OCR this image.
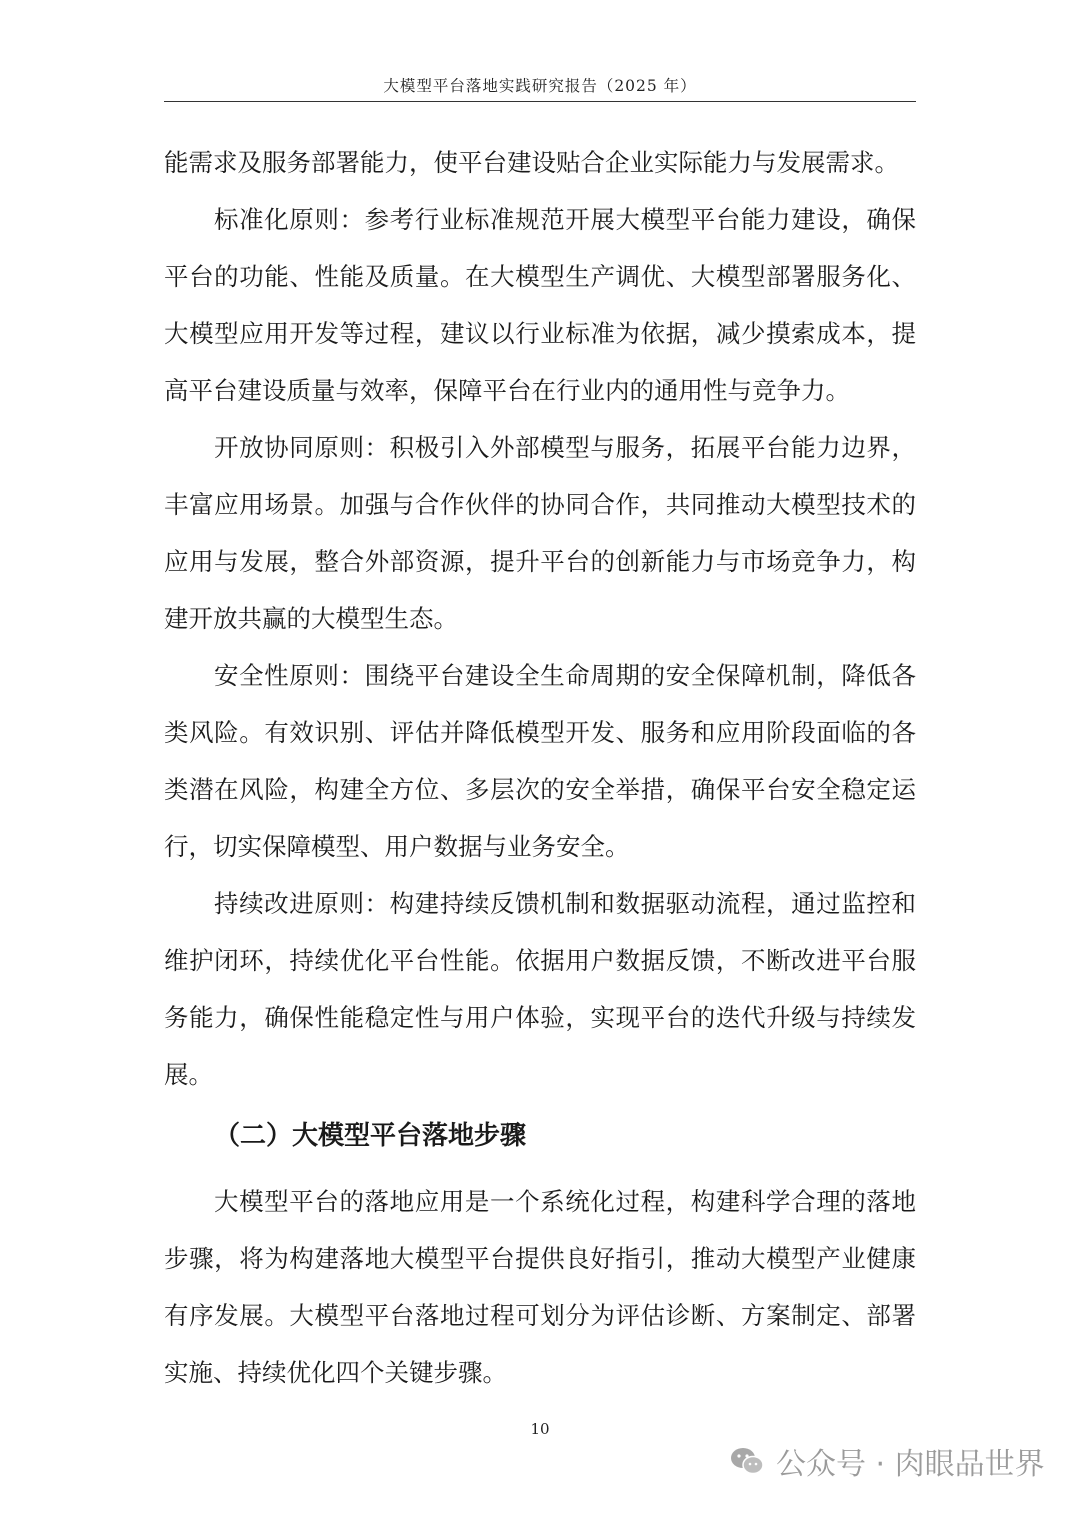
大模型平台落地实践研究报告（2025 年）
能需求及服务部署能力，使平台建设贴合企业实际能力与发展需求。
标准化原则：参考行业标准规范开展大模型平台能力建设，确保
平台的功能、性能及质量。在大模型生产调优、大模型部署服务化、
大模型应用开发等过程，建议以行业标准为依据，减少摸索成本，提
高平台建设质量与效率，保障平台在行业内的通用性与竞争力。
开放协同原则：积极引入外部模型与服务，拓展平台能力边界，
丰富应用场景。加强与合作伙伴的协同合作，共同推动大模型技术的
应用与发展，整合外部资源，提升平台的创新能力与市场竞争力，构
建开放共赢的大模型生态。
安全性原则：围绕平台建设全生命周期的安全保障机制，降低各
类风险。有效识别、评估并降低模型开发、服务和应用阶段面临的各
类潜在风险，构建全方位、多层次的安全举措，确保平台安全稳定运
行，切实保障模型、用户数据与业务安全。
持续改进原则：构建持续反馈机制和数据驱动流程，通过监控和
维护闭环，持续优化平台性能。依据用户数据反馈，不断改进平台服
务能力，确保性能稳定性与用户体验，实现平台的迭代升级与持续发
展。
（二）大模型平台落地步骤
大模型平台的落地应用是一个系统化过程，构建科学合理的落地
步骤，将为构建落地大模型平台提供良好指引，推动大模型产业健康
有序发展。大模型平台落地过程可划分为评估诊断、方案制定、部署
实施、持续优化四个关键步骤。
10
公众号 · 肉眼品世界
